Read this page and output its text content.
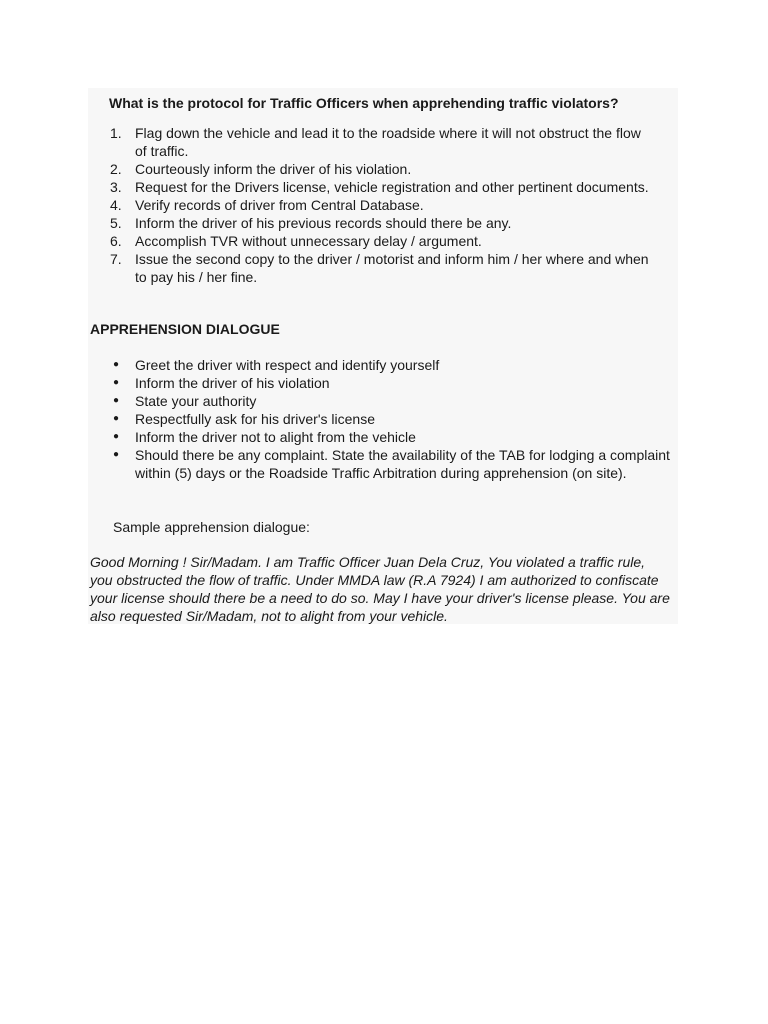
What is the protocol for Traffic Officers when apprehending traffic violators?

1. Flag down the vehicle and lead it to the roadside where it will not obstruct the flow of traffic.
2. Courteously inform the driver of his violation.
3. Request for the Drivers license, vehicle registration and other pertinent documents.
4. Verify records of driver from Central Database.
5. Inform the driver of his previous records should there be any.
6. Accomplish TVR without unnecessary delay / argument.
7. Issue the second copy to the driver / motorist and inform him / her where and when to pay his / her fine.

APPREHENSION DIALOGUE

●	Greet the driver with respect and identify yourself
●	Inform the driver of his violation
●	State your authority
●	Respectfully ask for his driver's license
●	Inform the driver not to alight from the vehicle
●	Should there be any complaint. State the availability of the TAB for lodging a complaint within (5) days or the Roadside Traffic Arbitration during apprehension (on site).

Sample apprehension dialogue:

Good Morning ! Sir/Madam. I am Traffic Officer Juan Dela Cruz, You violated a traffic rule, you obstructed the flow of traffic. Under MMDA law (R.A 7924) I am authorized to confiscate your license should there be a need to do so. May I have your driver's license please. You are also requested Sir/Madam, not to alight from your vehicle.
